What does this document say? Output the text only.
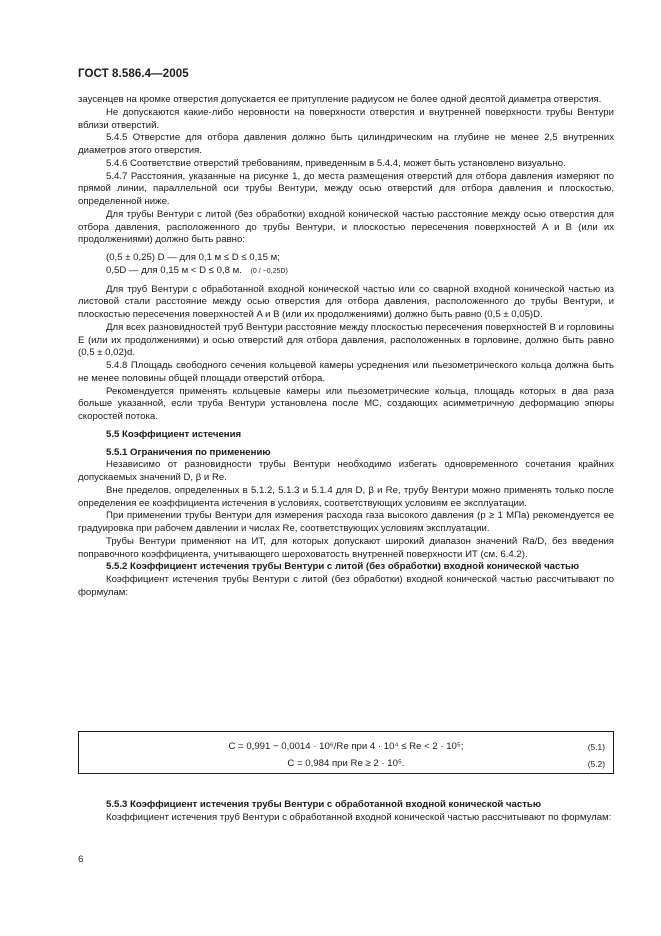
ГОСТ 8.586.4—2005

заусенцев на кромке отверстия допускается ее притупление радиусом не более одной десятой диаметра отверстия.

Не допускаются какие-либо неровности на поверхности отверстия и внутренней поверхности трубы Вентури вблизи отверстий.

5.4.5 Отверстие для отбора давления должно быть цилиндрическим на глубине не менее 2,5 внутренних диаметров этого отверстия.

5.4.6 Соответствие отверстий требованиям, приведенным в 5.4.4, может быть установлено визуально.

5.4.7 Расстояния, указанные на рисунке 1, до места размещения отверстий для отбора давления измеряют по прямой линии, параллельной оси трубы Вентури, между осью отверстий для отбора давления и плоскостью, определенной ниже.

Для трубы Вентури с литой (без обработки) входной конической частью расстояние между осью отверстия для отбора давления, расположенного до трубы Вентури, и плоскостью пересечения поверхностей A и B (или их продолжениями) должно быть равно:

(0,5 ± 0,25) D — для 0,1 м ≤ D ≤ 0,15 м;

0,5D — для 0,15 м < D ≤ 0,8 м. (0 / −0,25D)

Для труб Вентури с обработанной входной конической частью или со сварной входной конической частью из листовой стали расстояние между осью отверстия для отбора давления, расположенного до трубы Вентури, и плоскостью пересечения поверхностей A и B (или их продолжениями) должно быть равно (0,5 ± 0,05)D.

Для всех разновидностей труб Вентури расстояние между плоскостью пересечения поверхностей B и горловины E (или их продолжениями) и осью отверстий для отбора давления, расположенных в горловине, должно быть равно (0,5 ± 0,02)d.

5.4.8 Площадь свободного сечения кольцевой камеры усреднения или пьезометрического кольца должна быть не менее половины общей площади отверстий отбора.

Рекомендуется применять кольцевые камеры или пьезометрические кольца, площадь которых в два раза больше указанной, если труба Вентури установлена после МС, создающих асимметричную деформацию эпюры скоростей потока.

5.5 Коэффициент истечения

5.5.1 Ограничения по применению

Независимо от разновидности трубы Вентури необходимо избегать одновременного сочетания крайних допускаемых значений D, β и Re.

Вне пределов, определенных в 5.1.2, 5.1.3 и 5.1.4 для D, β и Re, трубу Вентури можно применять только после определения ее коэффициента истечения в условиях, соответствующих условиям ее эксплуатации.

При применении трубы Вентури для измерения расхода газа высокого давления (p ≥ 1 МПа) рекомендуется ее градуировка при рабочем давлении и числах Re, соответствующих условиям эксплуатации.

Трубы Вентури применяют на ИТ, для которых допускают широкий диапазон значений Ra/D, без введения поправочного коэффициента, учитывающего шероховатость внутренней поверхности ИТ (см. 6.4.2).

5.5.2 Коэффициент истечения трубы Вентури с литой (без обработки) входной конической частью

Коэффициент истечения трубы Вентури с литой (без обработки) входной конической частью рассчитывают по формулам:

C = 0,991 − 0,0014 · 10⁶/Re при 4 · 10⁴ ≤ Re < 2 · 10⁵;	(5.1)
C = 0,984 при Re ≥ 2 · 10⁵.	(5.2)

5.5.3 Коэффициент истечения трубы Вентури с обработанной входной конической частью

Коэффициент истечения труб Вентури с обработанной входной конической частью рассчитывают по формулам:

6
